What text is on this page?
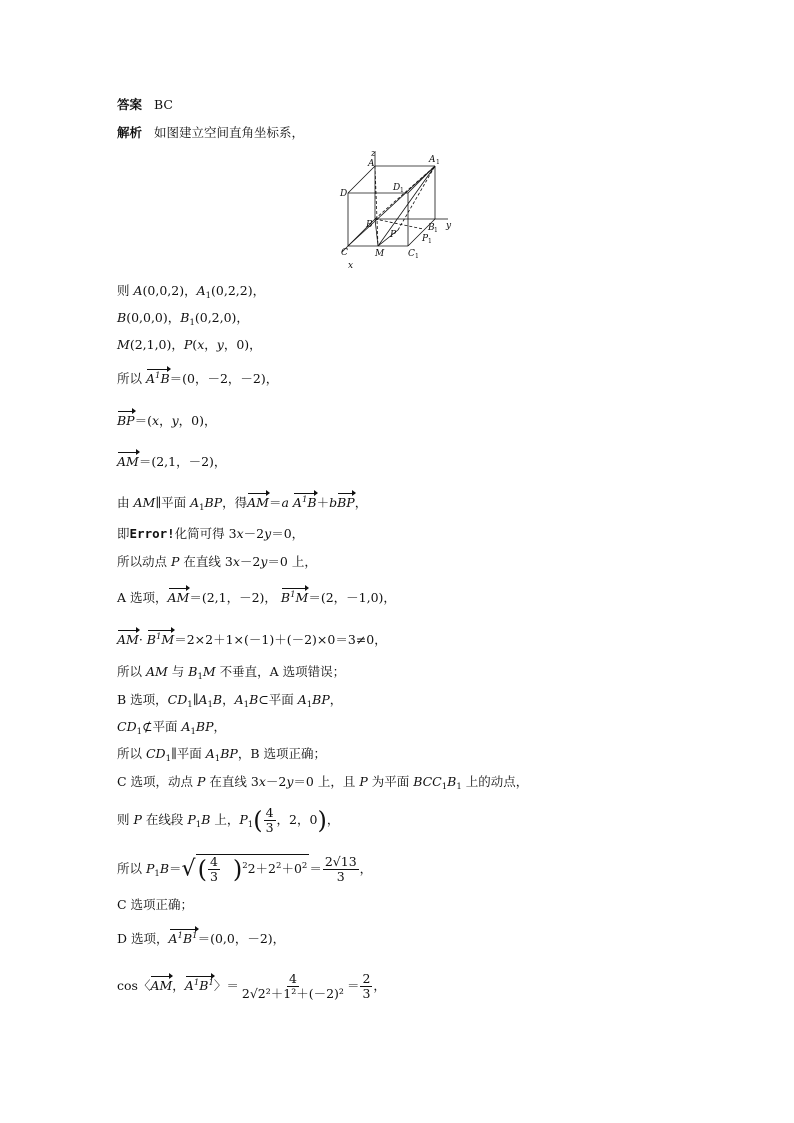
答案 BC
解析 如图建立空间直角坐标系，
A	A 1
D
D 1
B	B 1
C	C 1
M
P	P 1
y
z
x
则 A(0,0,2)，$A_1(0,2,2)$，
B(0,0,0)，$B_1(0,2,0)$，
M(2,1,0)，P(x，y，0)，
所以 $A^1B=(0$，－2，－2)，
BP＝(x，y，0)，
AM＝(2,1，－2)，
由 AM∥平面 $A_1BP$，得AM＝a $A^1B+bBP$，
即Error!化简可得 3x－2y＝0，
所以动点 P 在直线 3x－2y＝0 上，
A 选项，AM＝(2,1，－2)， $B^1M=(2$，－1,0)，
$AM\cdot B^1M=2\times 2+1\times(-1)+(-2)\times 0=3\ne 0$，
所以 AM 与 $B_1M$ 不垂直，A 选项错误；
B 选项，$CD_1\parallel A_1B$，$A_1B\subset$平面 $A_1BP$，
$CD_1⊄$平面 $A_1BP$，
所以 $CD_1\parallel$平面 $A_1BP$，B 选项正确；
C 选项，动点 P 在直线 3x－2y＝0 上，且 P 为平面 $BCC_1B_1$ 上的动点，
则 P 在线段 $P_1B$ 上，$P_1( \frac{4}{3}$ ，2，0)，
所以 $P_1B=√( \frac{4}{3} )^22+2^2+0^2 = \frac{2√13}{3}$ ，
C 选项正确；
D 选项，$A^1B^1=(0,0$，－2)，
cos〈AM，$A^1B^1$〉＝ $\frac{4}{\text{2√2²＋1²＋(－2)²}} = \frac{2}{3}$ ，
